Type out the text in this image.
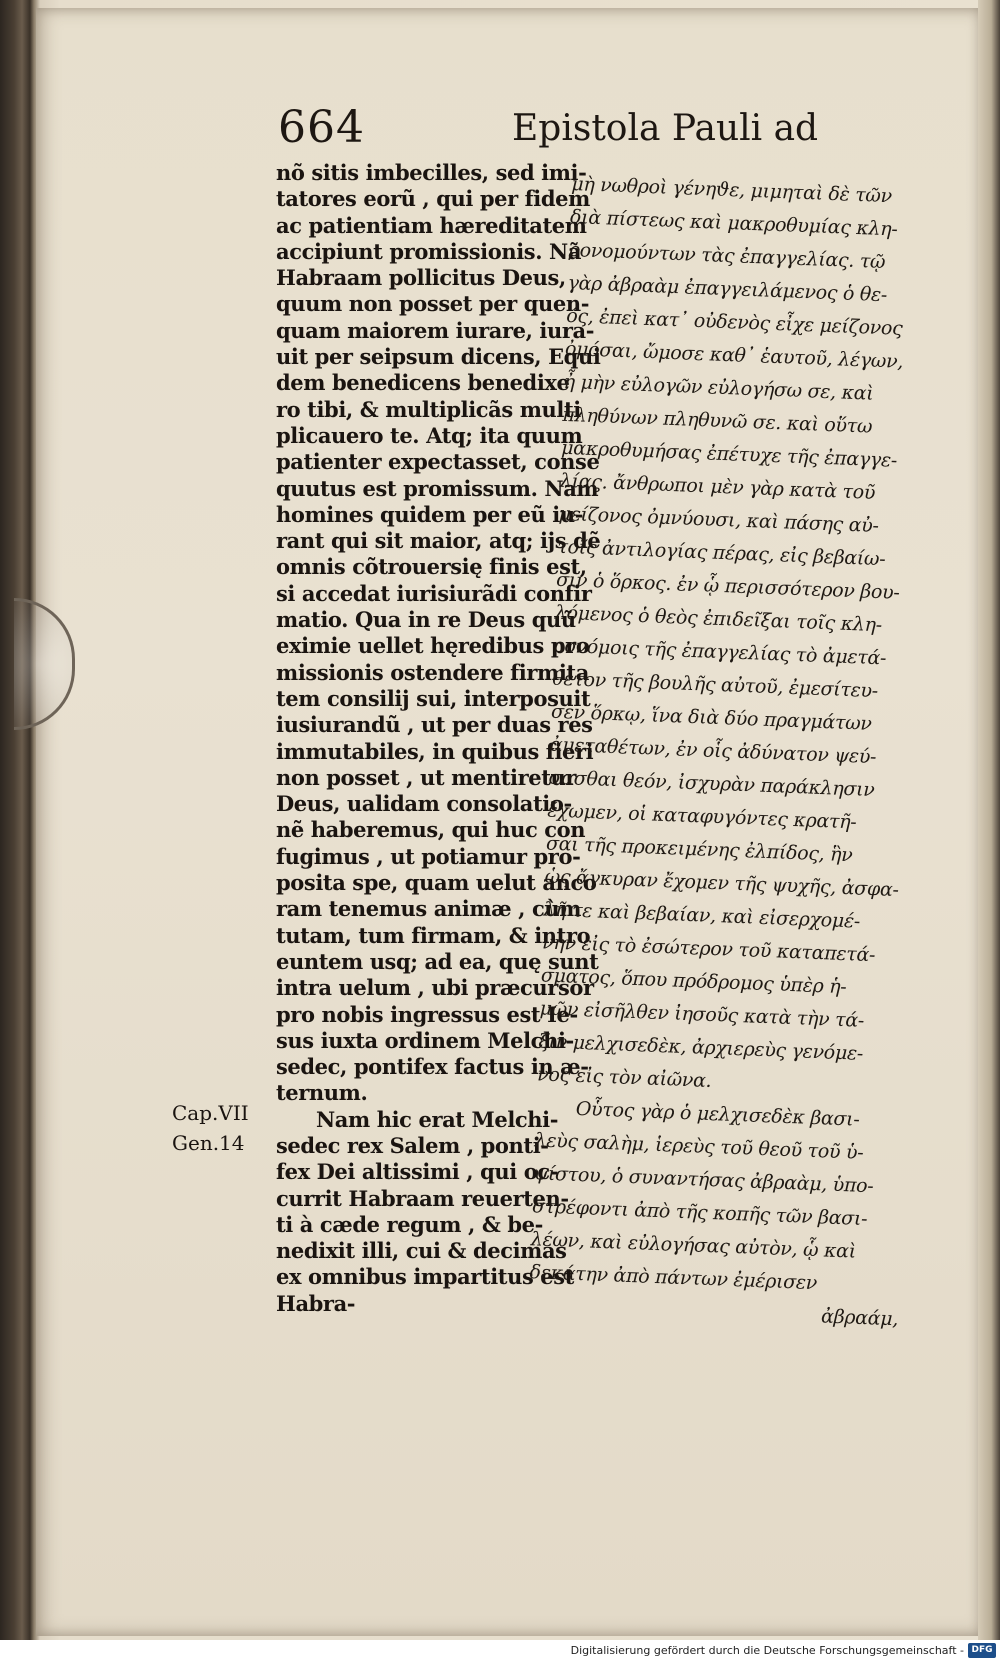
664	Epistola Pauli ad
nõ sitis imbecilles, sed imi-
tatores eorũ , qui per fidem
ac patientiam hæreditatem
accipiunt promissionis. Nã
Habraam pollicitus Deus,
quum non posset per quen-
quam maiorem iurare, iura-
uit per seipsum dicens, Equi
dem benedicens benedixe
ro tibi, & multiplicãs multi
plicauero te. Atq; ita quum
patienter expectasset, conse
quutus est promissum. Nam
homines quidem per eũ iu-
rant qui sit maior, atq; ijs dẽ
omnis cõtrouersię finis est,
si accedat iurisiurãdi confir
matio. Qua in re Deus quũ
eximie uellet hęredibus pro
missionis ostendere firmita
tem consilij sui, interposuit
iusiurandũ , ut per duas res
immutabiles, in quibus fieri
non posset , ut mentiretur
Deus, ualidam consolatio-
nẽ haberemus, qui huc con
fugimus , ut potiamur pro-
posita spe, quam uelut anco
ram tenemus animæ , cùm
tutam, tum firmam, & intro
euntem usq; ad ea, quę sunt
intra uelum , ubi præcursor
pro nobis ingressus est Ie-
sus iuxta ordinem Melchi-
sedec, pontifex factus in æ-
ternum.
Nam hic erat Melchi-
sedec rex Salem , ponti-
fex Dei altissimi , qui oc-
currit Habraam reuerten-
ti à cæde regum , & be-
nedixit illi, cui & decimas
ex omnibus impartitus est
Habra-
Cap.VII
Gen.14
μὴ νωθροὶ γένηϑε, μιμηταὶ δὲ τῶν
διὰ πίστεως καὶ μακροθυμίας κλη-
ρονομούντων τὰς ἐπαγγελίας. τῷ
γὰρ ἀβραὰμ ἐπαγγειλάμενος ὁ θε-
ός, ἐπεὶ κατ᾽ οὐδενὸς εἶχε μείζονος
ὀμόσαι, ὤμοσε καθ᾽ ἑαυτοῦ, λέγων,
ἦ μὴν εὐλογῶν εὐλογήσω σε, καὶ
πληθύνων πληθυνῶ σε. καὶ οὕτω
μακροθυμήσας ἐπέτυχε τῆς ἐπαγγε-
λίας. ἄνθρωποι μὲν γὰρ κατὰ τοῦ
μείζονος ὀμνύουσι, καὶ πάσης αὐ-
τοῖς ἀντιλογίας πέρας, εἰς βεβαίω-
σιν ὁ ὅρκος. ἐν ᾧ περισσότερον βου-
λόμενος ὁ θεὸς ἐπιδεῖξαι τοῖς κλη-
ρονόμοις τῆς ἐπαγγελίας τὸ ἀμετά-
θετον τῆς βουλῆς αὐτοῦ, ἐμεσίτευ-
σεν ὅρκῳ, ἵνα διὰ δύο πραγμάτων
ἀμεταθέτων, ἐν οἷς ἀδύνατον ψεύ-
σασθαι θεόν, ἰσχυρὰν παράκλησιν
ἔχωμεν, οἱ καταφυγόντες κρατῆ-
σαι τῆς προκειμένης ἐλπίδος, ἣν
ὡς ἄγκυραν ἔχομεν τῆς ψυχῆς, ἀσφα-
λῆ τε καὶ βεβαίαν, καὶ εἰσερχομέ-
νην εἰς τὸ ἐσώτερον τοῦ καταπετά-
σματος, ὅπου πρόδρομος ὑπὲρ ἡ-
μῶν εἰσῆλθεν ἰησοῦς κατὰ τὴν τά-
ξιν μελχισεδὲκ, ἀρχιερεὺς γενόμε-
νος εἰς τὸν αἰῶνα.
Οὗτος γὰρ ὁ μελχισεδὲκ βασι-
λεὺς σαλὴμ, ἱερεὺς τοῦ θεοῦ τοῦ ὑ-
ψίστου, ὁ συναντήσας ἀβραὰμ, ὑπο-
στρέφοντι ἀπὸ τῆς κοπῆς τῶν βασι-
λέων, καὶ εὐλογήσας αὐτὸν, ᾧ καὶ
δεκάτην ἀπὸ πάντων ἐμέρισεν
ἀβραάμ,
Digitalisierung gefördert durch die Deutsche Forschungsgemeinschaft - DFG
